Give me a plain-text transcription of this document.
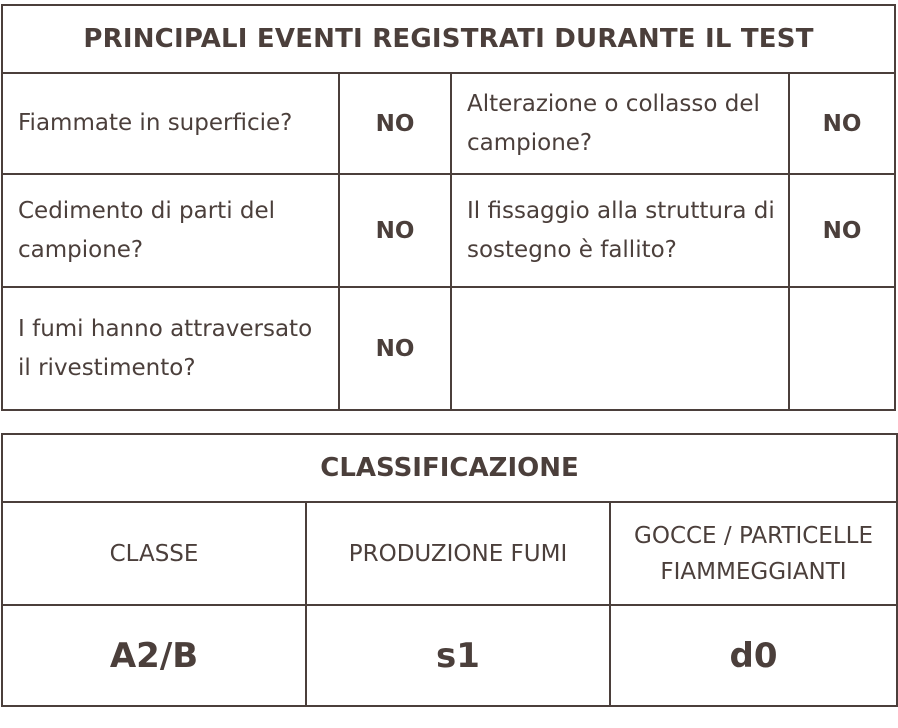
PRINCIPALI EVENTI REGISTRATI DURANTE IL TEST			
Fiammate in superficie?	NO	Alterazione o collasso del campione?	NO
Cedimento di parti del campione?	NO	Il fissaggio alla struttura di sostegno è fallito?	NO
I fumi hanno attraversato il rivestimento?	NO		
CLASSIFICAZIONE		
CLASSE	PRODUZIONE FUMI	GOCCE / PARTICELLE FIAMMEGGIANTI
A2/B	s1	d0
